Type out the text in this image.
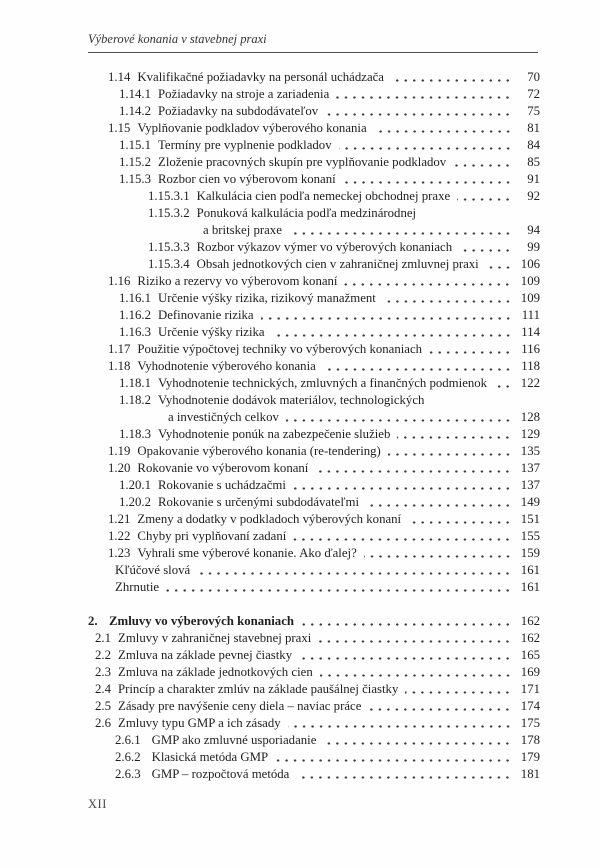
Výberové konania v stavebnej praxi
1.14 Kvalifikačné požiadavky na personál uchádzača	70
1.14.1 Požiadavky na stroje a zariadenia	72
1.14.2 Požiadavky na subdodávateľov	75
1.15 Vyplňovanie podkladov výberového konania	81
1.15.1 Termíny pre vyplnenie podkladov	84
1.15.2 Zloženie pracovných skupín pre vyplňovanie podkladov	85
1.15.3 Rozbor cien vo výberovom konaní	91
1.15.3.1 Kalkulácia cien podľa nemeckej obchodnej praxe	92
1.15.3.2 Ponuková kalkulácia podľa medzinárodnej
a britskej praxe	94
1.15.3.3 Rozbor výkazov výmer vo výberových konaniach	99
1.15.3.4 Obsah jednotkových cien v zahraničnej zmluvnej praxi	106
1.16 Riziko a rezervy vo výberovom konaní	109
1.16.1 Určenie výšky rizika, rizikový manažment	109
1.16.2 Definovanie rizika	111
1.16.3 Určenie výšky rizika	114
1.17 Použitie výpočtovej techniky vo výberových konaniach	116
1.18 Vyhodnotenie výberového konania	118
1.18.1 Vyhodnotenie technických, zmluvných a finančných podmienok	122
1.18.2 Vyhodnotenie dodávok materiálov, technologických
a investičných celkov	128
1.18.3 Vyhodnotenie ponúk na zabezpečenie služieb	129
1.19 Opakovanie výberového konania (re-tendering)	135
1.20 Rokovanie vo výberovom konaní	137
1.20.1 Rokovanie s uchádzačmi	137
1.20.2 Rokovanie s určenými subdodávateľmi	149
1.21 Zmeny a dodatky v podkladoch výberových konaní	151
1.22 Chyby pri vyplňovaní zadaní	155
1.23 Vyhrali sme výberové konanie. Ako ďalej?	159
Kľúčové slová	161
Zhrnutie	161
2. Zmluvy vo výberových konaniach	162
2.1 Zmluvy v zahraničnej stavebnej praxi	162
2.2 Zmluva na základe pevnej čiastky	165
2.3 Zmluva na základe jednotkových cien	169
2.4 Princíp a charakter zmlúv na základe paušálnej čiastky	171
2.5 Zásady pre navýšenie ceny diela – naviac práce	174
2.6 Zmluvy typu GMP a ich zásady	175
2.6.1 GMP ako zmluvné usporiadanie	178
2.6.2 Klasická metóda GMP	179
2.6.3 GMP – rozpočtová metóda	181
XII
